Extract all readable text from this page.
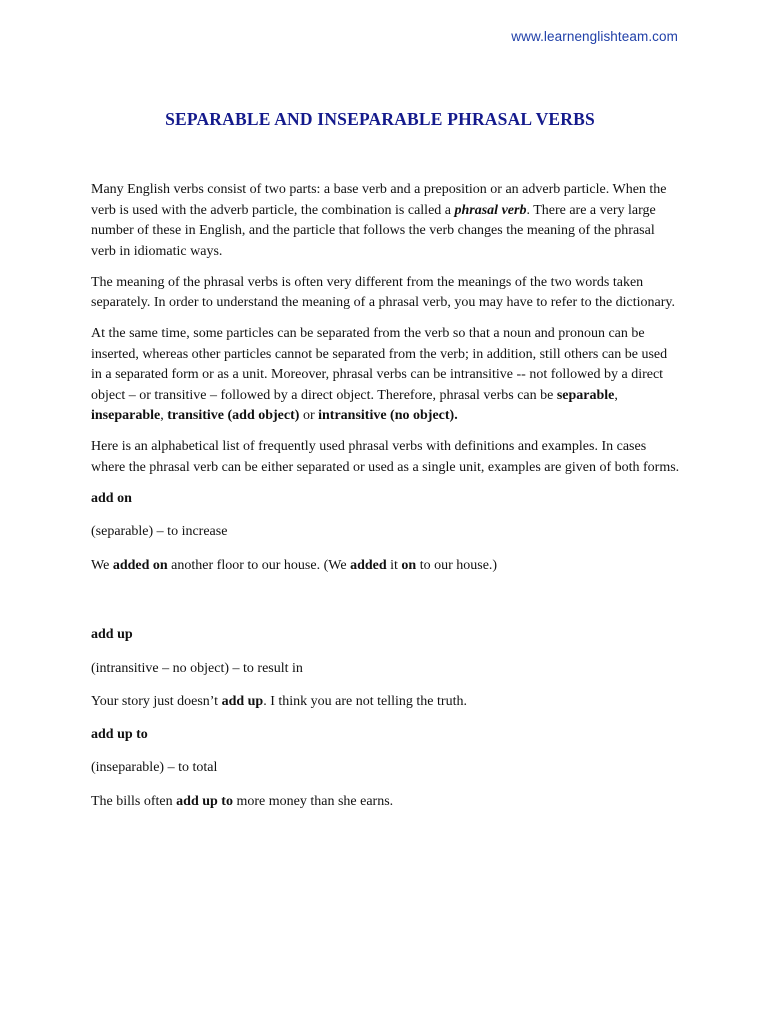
www.learnenglishteam.com
SEPARABLE AND INSEPARABLE PHRASAL VERBS

Many English verbs consist of two parts: a base verb and a preposition or an adverb particle. When the verb is used with the adverb particle, the combination is called a phrasal verb. There are a very large number of these in English, and the particle that follows the verb changes the meaning of the phrasal verb in idiomatic ways.

The meaning of the phrasal verbs is often very different from the meanings of the two words taken separately. In order to understand the meaning of a phrasal verb, you may have to refer to the dictionary.

At the same time, some particles can be separated from the verb so that a noun and pronoun can be inserted, whereas other particles cannot be separated from the verb; in addition, still others can be used in a separated form or as a unit. Moreover, phrasal verbs can be intransitive -- not followed by a direct object – or transitive – followed by a direct object. Therefore, phrasal verbs can be separable, inseparable, transitive (add object) or intransitive (no object).

Here is an alphabetical list of frequently used phrasal verbs with definitions and examples. In cases where the phrasal verb can be either separated or used as a single unit, examples are given of both forms.

add on

(separable) – to increase

We added on another floor to our house. (We added it on to our house.)

add up

(intransitive – no object) – to result in

Your story just doesn’t add up. I think you are not telling the truth.

add up to

(inseparable) – to total

The bills often add up to more money than she earns.
